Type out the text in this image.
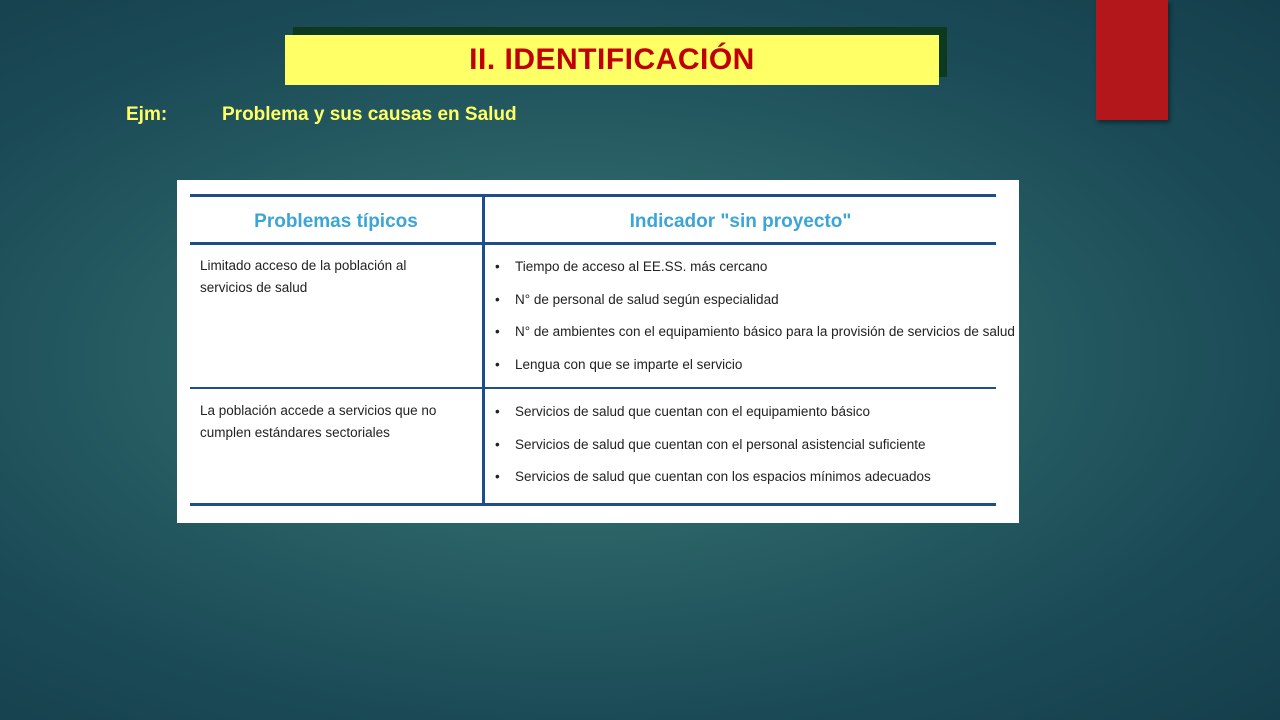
II. IDENTIFICACIÓN
Ejm:	Problema y sus causas en Salud
Problemas típicos	Indicador "sin proyecto"
Limitado acceso de la población al servicios de salud
• Tiempo de acceso al EE.SS. más cercano
• N° de personal de salud según especialidad
• N° de ambientes con el equipamiento básico para la provisión de servicios de salud
• Lengua con que se imparte el servicio
La población accede a servicios que no cumplen estándares sectoriales
• Servicios de salud que cuentan con el equipamiento básico
• Servicios de salud que cuentan con el personal asistencial suficiente
• Servicios de salud que cuentan con los espacios mínimos adecuados
